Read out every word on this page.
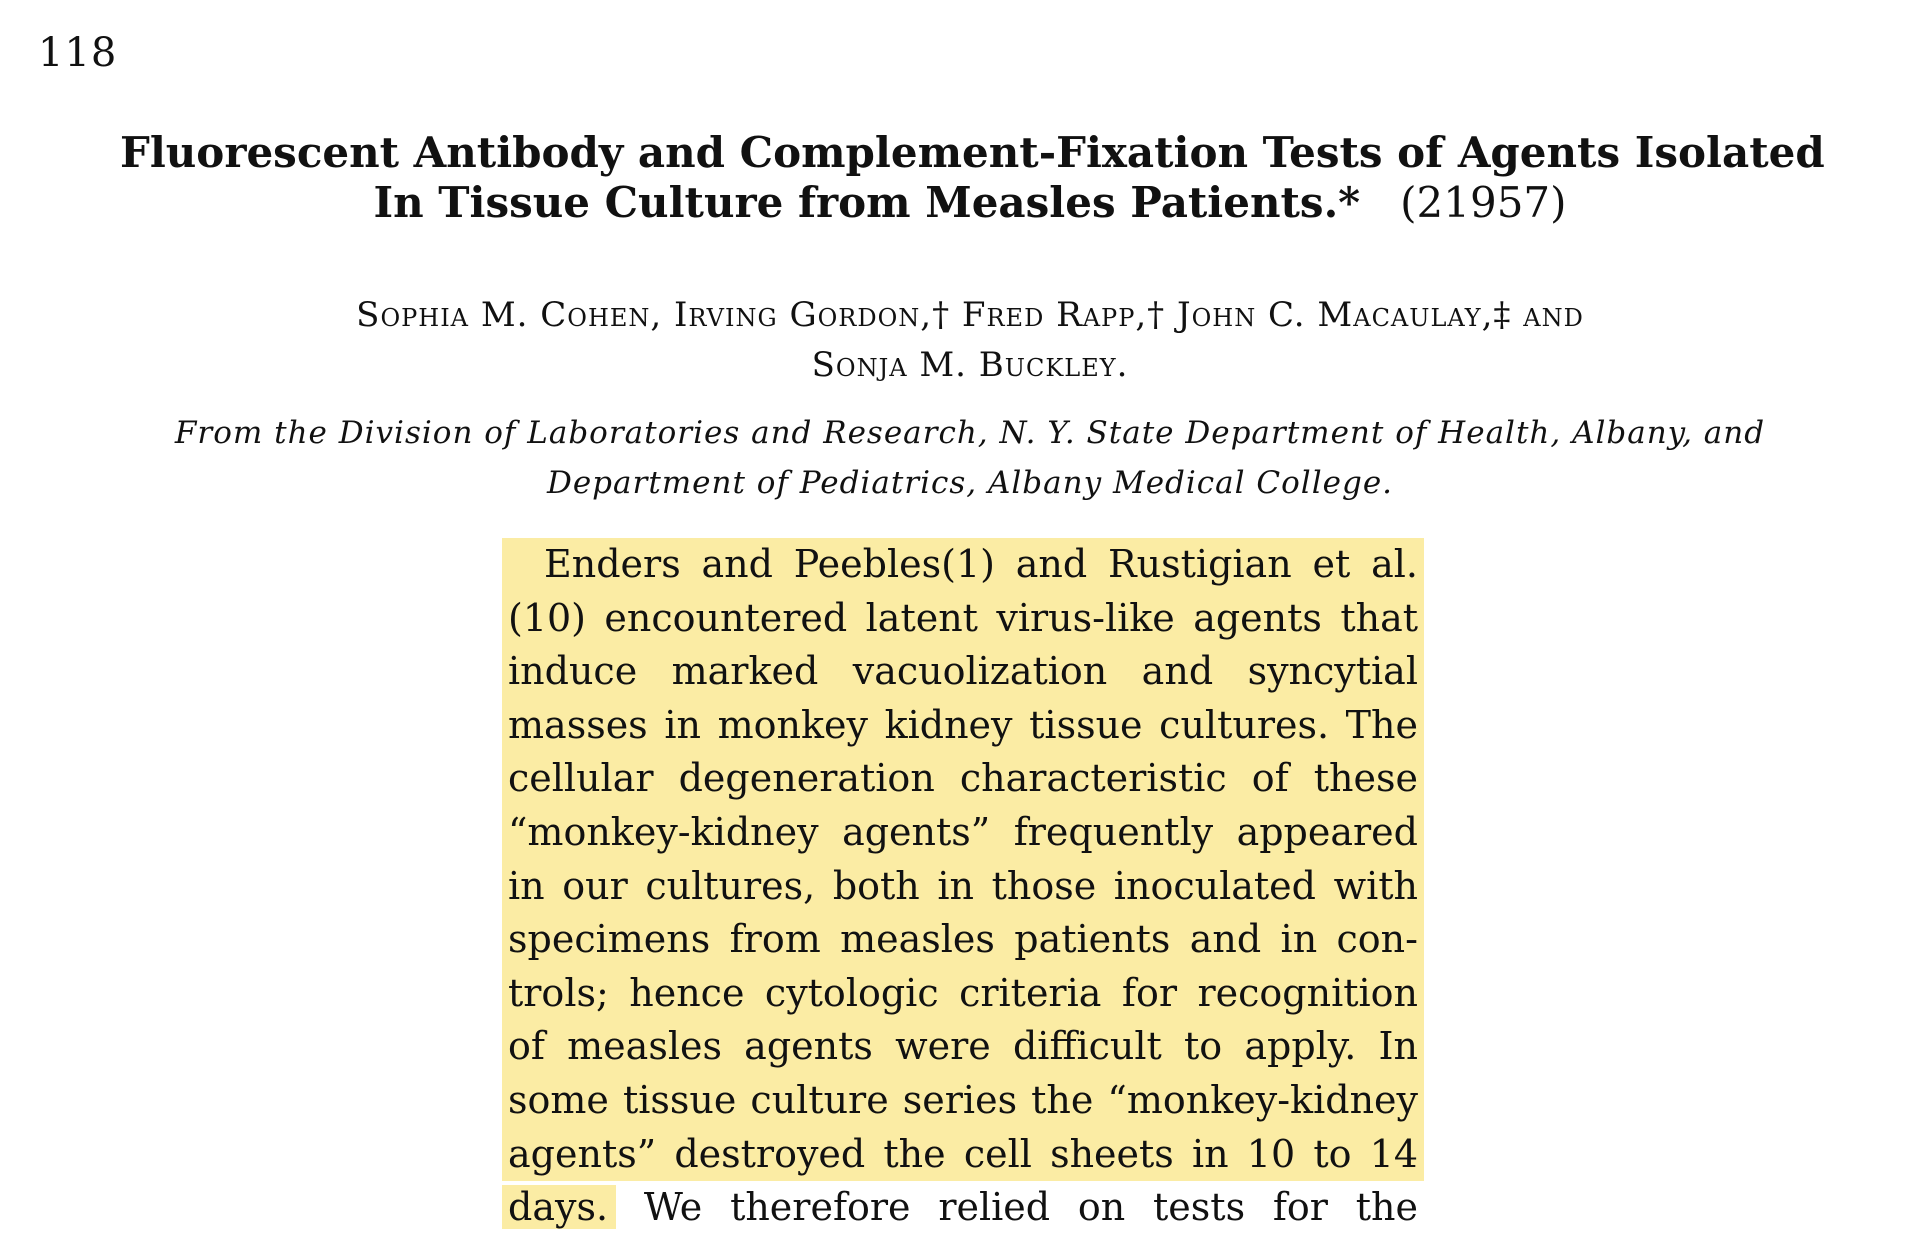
118
Fluorescent Antibody and Complement-Fixation Tests of Agents Isolated
In Tissue Culture from Measles Patients.* (21957)
Sophia M. Cohen, Irving Gordon,† Fred Rapp,† John C. Macaulay,‡ and
Sonja M. Buckley.
From the Division of Laboratories and Research, N. Y. State Department of Health, Albany, and
Department of Pediatrics, Albany Medical College.
Enders and Peebles(1) and Rustigian et al.
(10) encountered latent virus-like agents that
induce marked vacuolization and syncytial
masses in monkey kidney tissue cultures. The
cellular degeneration characteristic of these
“monkey-kidney agents” frequently appeared
in our cultures, both in those inoculated with
specimens from measles patients and in con-
trols; hence cytologic criteria for recognition
of measles agents were difficult to apply. In
some tissue culture series the “monkey-kidney
agents” destroyed the cell sheets in 10 to 14
days. We therefore relied on tests for the
